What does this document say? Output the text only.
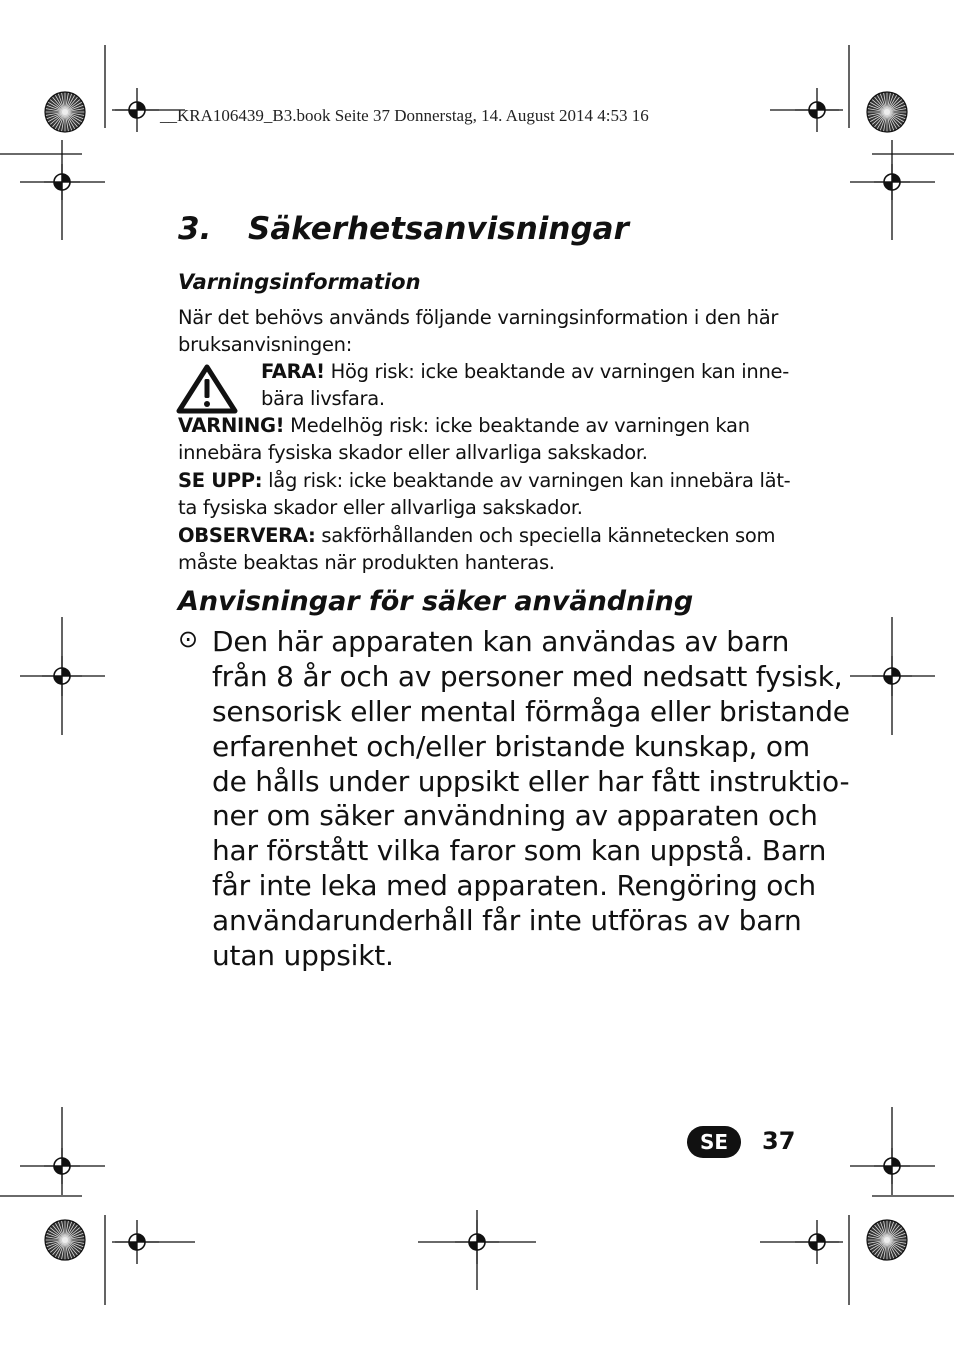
__KRA106439_B3.book Seite 37 Donnerstag, 14. August 2014 4:53 16
3. Säkerhetsanvisningar
Varningsinformation
När det behövs används följande varningsinformation i den här
bruksanvisningen:
FARA! Hög risk: icke beaktande av varningen kan inne-
bära livsfara.
VARNING! Medelhög risk: icke beaktande av varningen kan
innebära fysiska skador eller allvarliga sakskador.
SE UPP: låg risk: icke beaktande av varningen kan innebära lät-
ta fysiska skador eller allvarliga sakskador.
OBSERVERA: sakförhållanden och speciella kännetecken som
måste beaktas när produkten hanteras.
Anvisningar för säker användning
⊙ Den här apparaten kan användas av barn
från 8 år och av personer med nedsatt fysisk,
sensorisk eller mental förmåga eller bristande
erfarenhet och/eller bristande kunskap, om
de hålls under uppsikt eller har fått instruktio-
ner om säker användning av apparaten och
har förstått vilka faror som kan uppstå. Barn
får inte leka med apparaten. Rengöring och
användarunderhåll får inte utföras av barn
utan uppsikt.
SE	37
